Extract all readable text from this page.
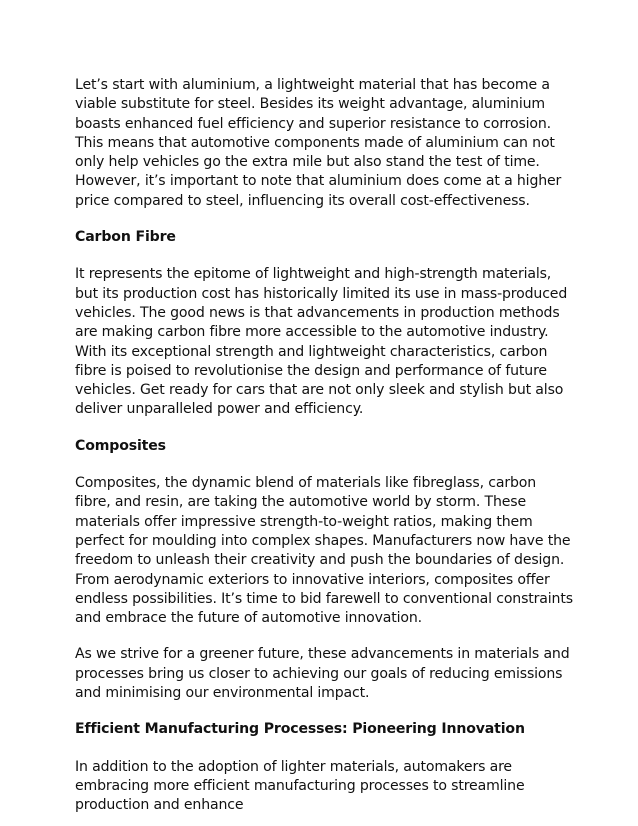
Let’s start with aluminium, a lightweight material that has become a viable substitute for steel. Besides its weight advantage, aluminium boasts enhanced fuel efficiency and superior resistance to corrosion. This means that automotive components made of aluminium can not only help vehicles go the extra mile but also stand the test of time. However, it’s important to note that aluminium does come at a higher price compared to steel, influencing its overall cost-effectiveness.

Carbon Fibre

It represents the epitome of lightweight and high-strength materials, but its production cost has historically limited its use in mass-produced vehicles. The good news is that advancements in production methods are making carbon fibre more accessible to the automotive industry. With its exceptional strength and lightweight characteristics, carbon fibre is poised to revolutionise the design and performance of future vehicles. Get ready for cars that are not only sleek and stylish but also deliver unparalleled power and efficiency.

Composites

Composites, the dynamic blend of materials like fibreglass, carbon fibre, and resin, are taking the automotive world by storm. These materials offer impressive strength-to-weight ratios, making them perfect for moulding into complex shapes. Manufacturers now have the freedom to unleash their creativity and push the boundaries of design. From aerodynamic exteriors to innovative interiors, composites offer endless possibilities. It’s time to bid farewell to conventional constraints and embrace the future of automotive innovation.

As we strive for a greener future, these advancements in materials and processes bring us closer to achieving our goals of reducing emissions and minimising our environmental impact.

Efficient Manufacturing Processes: Pioneering Innovation

In addition to the adoption of lighter materials, automakers are embracing more efficient manufacturing processes to streamline production and enhance
